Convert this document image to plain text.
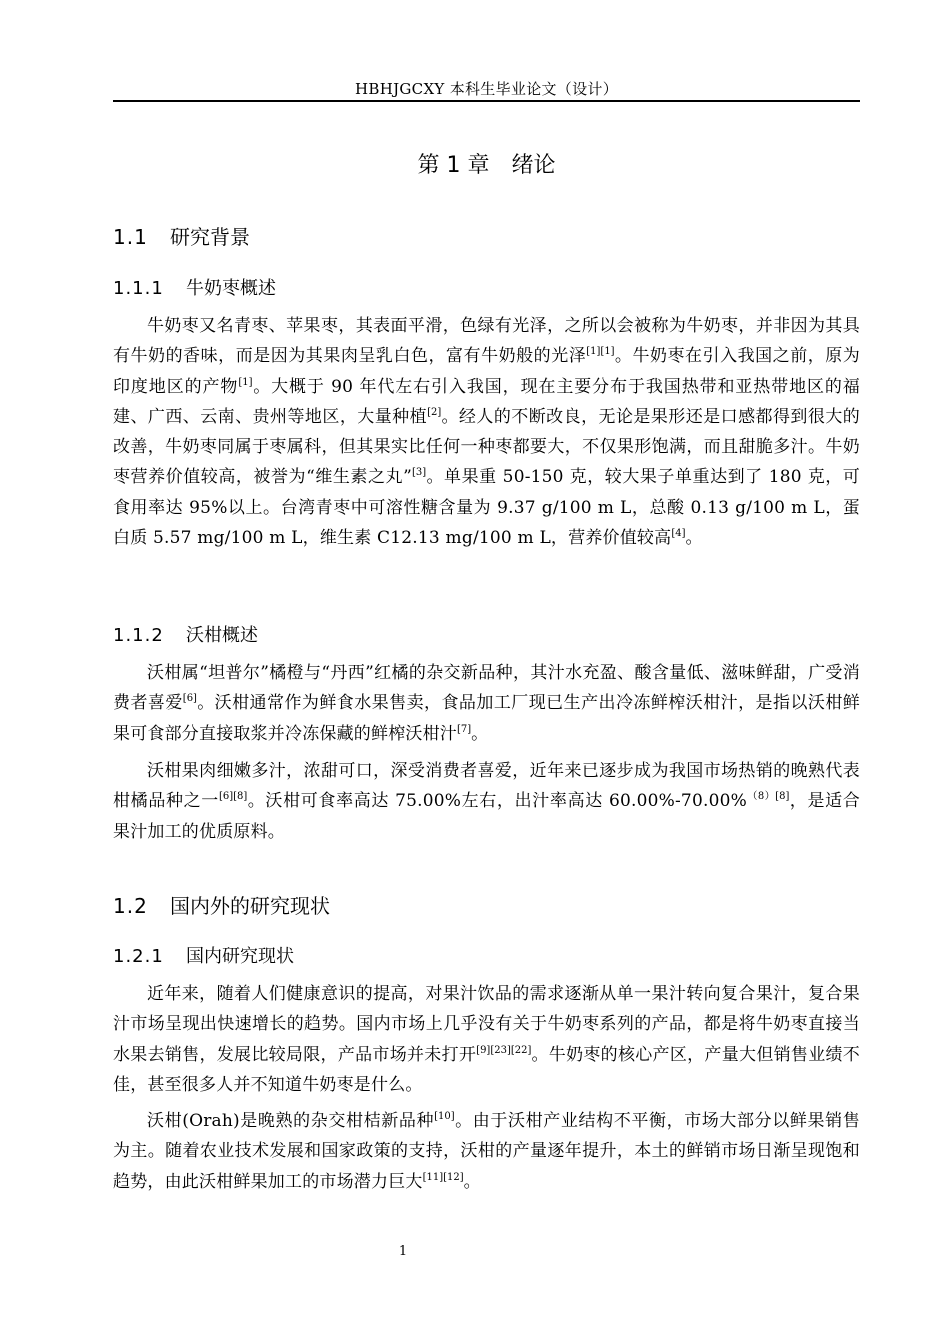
HBHJGCXY 本科生毕业论文（设计）
第 1 章 绪论
1.1 研究背景
1.1.1 牛奶枣概述
牛奶枣又名青枣、苹果枣，其表面平滑，色绿有光泽，之所以会被称为牛奶枣，并非因为其具有牛奶的香味，而是因为其果肉呈乳白色，富有牛奶般的光泽[1][1]。牛奶枣在引入我国之前，原为印度地区的产物[1]。大概于 90 年代左右引入我国，现在主要分布于我国热带和亚热带地区的福建、广西、云南、贵州等地区，大量种植[2]。经人的不断改良，无论是果形还是口感都得到很大的改善，牛奶枣同属于枣属科，但其果实比任何一种枣都要大，不仅果形饱满，而且甜脆多汁。牛奶枣营养价值较高，被誉为“维生素之丸”[3]。单果重 50-150 克，较大果子单重达到了 180 克，可食用率达 95%以上。台湾青枣中可溶性糖含量为 9.37 g/100 m L，总酸 0.13 g/100 m L，蛋白质 5.57 mg/100 m L，维生素 C12.13 mg/100 m L，营养价值较高[4]。
1.1.2 沃柑概述
沃柑属“坦普尔”橘橙与“丹西”红橘的杂交新品种，其汁水充盈、酸含量低、滋味鲜甜，广受消费者喜爱[6]。沃柑通常作为鲜食水果售卖，食品加工厂现已生产出冷冻鲜榨沃柑汁，是指以沃柑鲜果可食部分直接取浆并冷冻保藏的鲜榨沃柑汁[7]。
沃柑果肉细嫩多汁，浓甜可口，深受消费者喜爱，近年来已逐步成为我国市场热销的晚熟代表柑橘品种之一[6][8]。沃柑可食率高达 75.00%左右，出汁率高达 60.00%-70.00%$^{(8)[8]}$，是适合果汁加工的优质原料。
1.2 国内外的研究现状
1.2.1 国内研究现状
近年来，随着人们健康意识的提高，对果汁饮品的需求逐渐从单一果汁转向复合果汁，复合果汁市场呈现出快速增长的趋势。国内市场上几乎没有关于牛奶枣系列的产品，都是将牛奶枣直接当水果去销售，发展比较局限，产品市场并未打开[9][23][22]。牛奶枣的核心产区，产量大但销售业绩不佳，甚至很多人并不知道牛奶枣是什么。
沃柑(Orah)是晚熟的杂交柑桔新品种[10]。由于沃柑产业结构不平衡，市场大部分以鲜果销售为主。随着农业技术发展和国家政策的支持，沃柑的产量逐年提升，本土的鲜销市场日渐呈现饱和趋势，由此沃柑鲜果加工的市场潜力巨大[11][12]。
1
